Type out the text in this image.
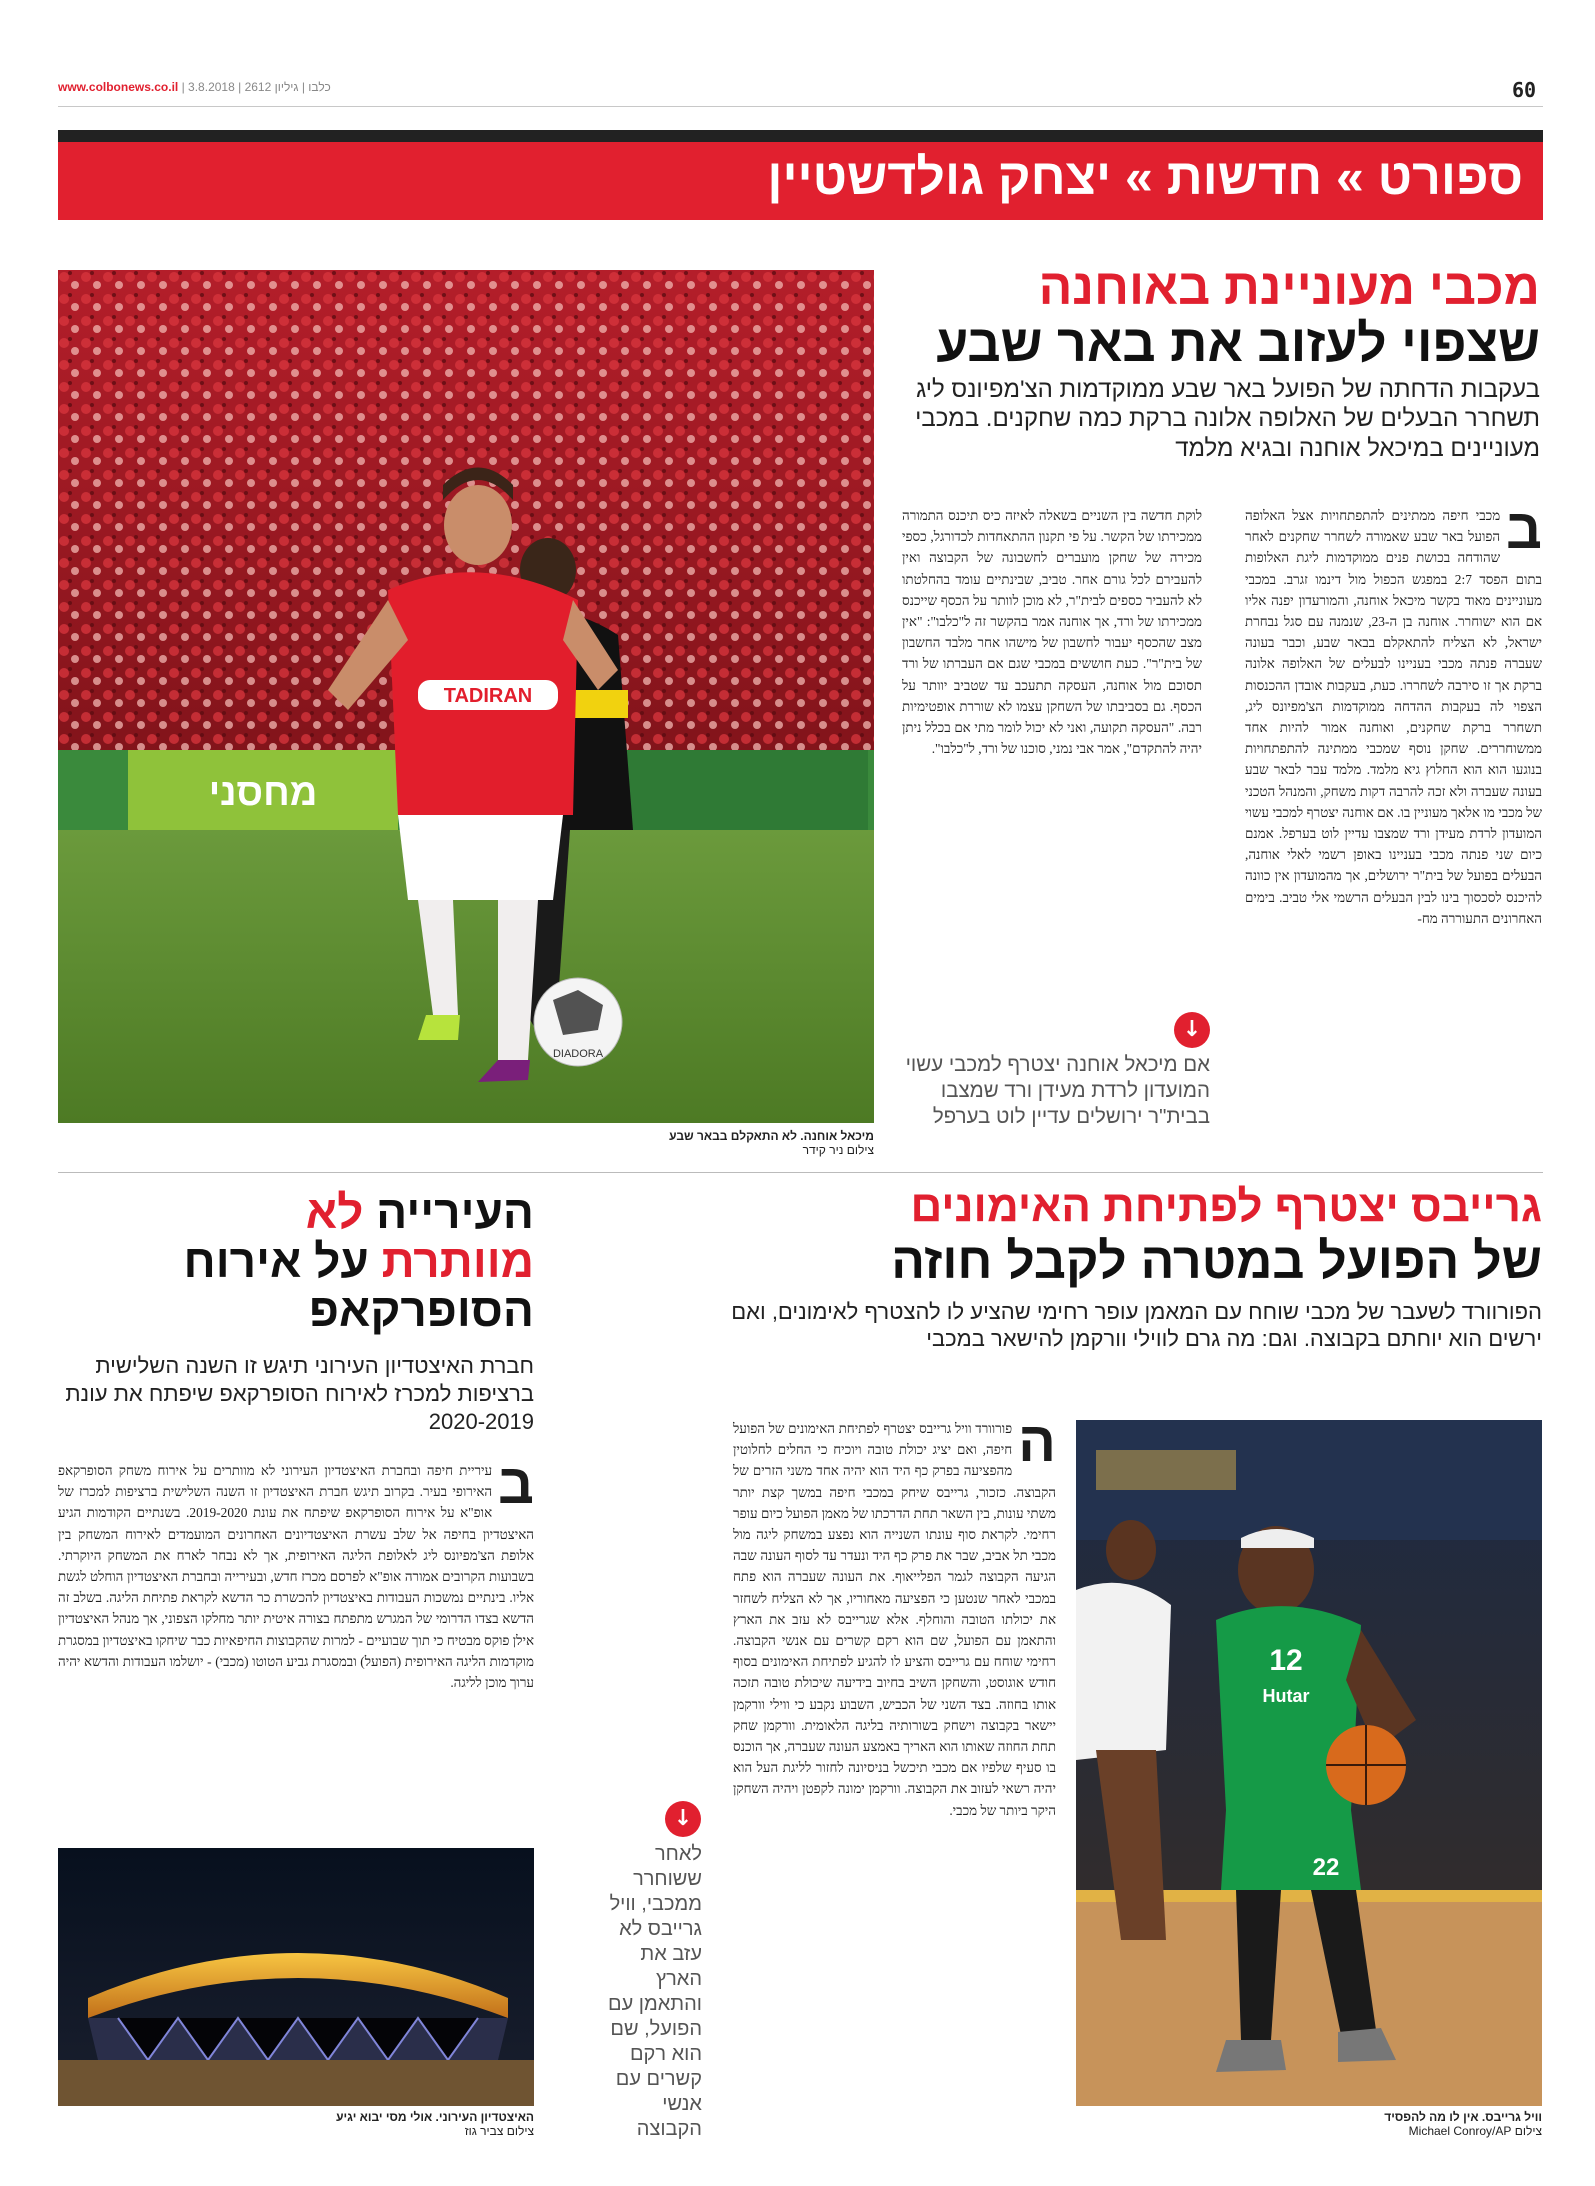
www.colbonews.co.il |	כלבו | גיליון 2612 | 3.8.2018	60
ספורט » חדשות » יצחק גולדשטיין
מחסני
TADIRAN
DIADORA
מיכאל אוחנה. לא התאקלם בבאר שבע
צילום ניר קידר
מכבי מעוניינת באוחנה
שצפוי לעזוב את באר שבע
בעקבות הדחתה של הפועל באר שבע ממוקדמות הצ'מפיונס ליג תשחרר הבעלים של האלופה אלונה ברקת כמה שחקנים. במכבי מעוניינים במיכאל אוחנה ובגיא מלמד
ב
מכבי חיפה ממתינים להתפתחויות אצל האלופה הפועל באר שבע שאמורה לשחרר שחקנים לאחר שהודחה בכושת פנים ממוקדמות ליגת האלופות בתום הפסד 2:7 במפגש הכפול מול דינמו זגרב. במכבי מעוניינים מאוד בקשר מיכאל אוחנה, והמורעדון יפנה אליו אם הוא ישוחרר. אוחנה בן ה-23, שנמנה עם סגל נבחרת ישראל, לא הצליח להתאקלם בבאר שבע, וכבר בעונה שעברה פנתה מכבי בעניינו לבעלים של האלופה אלונה ברקת אך זו סירבה לשחררו. כעת, בעקבות אובדן ההכנסות הצפוי לה בעקבות ההדחה ממוקדמות הצ'מפיונס ליג, תשחרר ברקת שחקנים, ואוחנה אמור להיות אחד ממשוחררים. שחקן נוסף שמכבי ממתינה להתפתחויות בנוגעו הוא הוא החלוץ גיא מלמד. מלמד עבר לבאר שבע בעונה שעברה ולא זכה להרבה דקות משחק, והמנהל הטכני של מכבי מו אלאך מעוניין בו. אם אוחנה יצטרף למכבי עשוי המועדון לרדת מעידן ורד שמצבו עדיין לוט בערפל. אמנם כיום שני פנתה מכבי בעניינו באופן רשמי לאלי אוחנה, הבעלים בפועל של בית"ר ירושלים, אך מהמועדון אין כוונה להיכנס לסכסוך בינו לבין הבעלים הרשמי אלי טביב. בימים האחרונים התעוררה מח-
לוקת חדשה בין השניים בשאלה לאיזה כיס תיכנס התמורה ממכירתו של הקשר. על פי תקנון ההתאחדות לכדורגל, כספי מכירה של שחקן מועברים לחשבונה של הקבוצה ואין להעבירם לכל גורם אחר. טביב, שבינתיים עומד בהחלטתו לא להעביר כספים לבית"ר, לא מוכן לוותר על הכסף שייכנס ממכירתו של ורד, אך אוחנה אמר בהקשר זה ל"כלבו": "אין מצב שהכסף יעבור לחשבון של מישהו אחר מלבד החשבון של בית"ר". כעת חוששים במכבי שגם אם העברתו של ורד תסוכם מול אוחנה, העסקה תתעכב עד שטביב יוותר על הכסף. גם בסביבתו של השחקן עצמו לא שוררת אופטימיות רבה. "העסקה תקועה, ואני לא יכול לומר מתי אם בכלל ניתן יהיה להתקדם", אמר אבי נמני, סוכנו של ורד, ל"כלבו".
↓
אם מיכאל אוחנה יצטרף למכבי עשוי המועדון לרדת מעידן ורד שמצבו בבית"ר ירושלים עדיין לוט בערפל
גרייבס יצטרף לפתיחת האימונים
של הפועל במטרה לקבל חוזה
הפורוורד לשעבר של מכבי שוחח עם המאמן עופר רחימי שהציע לו להצטרף לאימונים, ואם ירשים הוא יוחתם בקבוצה. וגם: מה גרם לווילי וורקמן להישאר במכבי
12
Hutar
22
וויל גרייבס. אין לו מה להפסיד
צילום Michael Conroy/AP
ה
פורוורד וויל גרייבס יצטרף לפתיחת האימונים של הפועל חיפה, ואם יציג יכולת טובה ויוכיח כי החלים לחלוטין מהפציעה בפרק כף היד הוא יהיה אחד משני הזרים של הקבוצה. כזכור, גרייבס שיחק במכבי חיפה במשך קצת יותר משתי עונות, בין השאר תחת הדרכתו של מאמן הפועל כיום עופר רחימי. לקראת סוף עונתו השנייה הוא נפצע במשחק ליגה מול מכבי תל אביב, שבר את פרק כף היד ונעדר עד לסוף העונה שבה הגיעה הקבוצה לגמר הפלייאוף. את העונה שעברה הוא פתח במכבי לאחר שנטען כי הפציעה מאחוריו, אך לא הצליח לשחזר את יכולתו הטובה והוחלף. אלא שגרייבס לא עזב את הארץ והתאמן עם הפועל, שם הוא רקם קשרים עם אנשי הקבוצה. רחימי שוחח עם גרייבס והציע לו להגיע לפתיחת האימונים בסוף חודש אוגוסט, והשחקן השיב בחיוב בידיעה שיכולת טובה תזכה אותו בחוזה. בצד השני של הכביש, השבוע נקבע כי ווילי וורקמן יישאר בקבוצה וישחק בשורותיה בליגה הלאומית. וורקמן שחק תחת החוזה שאותו הוא האריך באמצע העונה שעברה, אך הוכנס בו סעיף שלפיו אם מכבי תיכשל בניסיונה לחזור לליגת העל הוא יהיה רשאי לעזוב את הקבוצה. וורקמן ימונה לקפטן ויהיה השחקן היקר ביותר של מכבי.
↓
לאחר ששוחרר ממכבי, וויל גרייבס לא עזב את הארץ והתאמן עם הפועל, שם הוא רקם קשרים עם אנשי הקבוצה
העירייה לא
מוותרת על אירוח
הסופרקאפ
חברת האיצטדיון העירוני תיגש זו השנה השלישית ברציפות למכרז לאירוח הסופרקאפ שיפתח את עונת 2020-2019
ב
עיריית חיפה ובחברת האיצטדיון העירוני לא מוותרים על אירוח משחק הסופרקאפ האירופי בעיר. בקרוב תיגש חברת האיצטדיון זו השנה השלישית ברציפות למכרז של אופ"א על אירוח הסופרקאפ שיפתח את עונת 2019-2020. בשנתיים הקודמות הגיע האיצטדיון בחיפה אל שלב עשרת האיצטדיונים האחרונים המועמדים לאירוח המשחק בין אלופת הצ'מפיונס ליג לאלופת הליגה האירופית, אך לא נבחר לארח את המשחק היוקרתי. בשבועות הקרובים אמורה אופ"א לפרסם מכרז חדש, ובעירייה ובחברת האיצטדיון הוחלט לגשת אליו. בינתיים נמשכות העבודות באיצטדיון להכשרת כר הדשא לקראת פתיחת הליגה. בשלב זה הדשא בצדו הדרומי של המגרש מתפתח בצורה איטית יותר מחלקו הצפוני, אך מנהל האיצטדיון אילן פוקס מבטיח כי תוך שבועיים - למרות שהקבוצות החיפאיות כבר שיחקו באיצטדיון במסגרת מוקדמות הליגה האירופית (הפועל) ובמסגרת גביע הטוטו (מכבי) - יושלמו העבודות והדשא יהיה ערוך מוכן לליגה.
האיצטדיון העירוני. אולי מסי יבוא יגיע
צילום צביר גוז
